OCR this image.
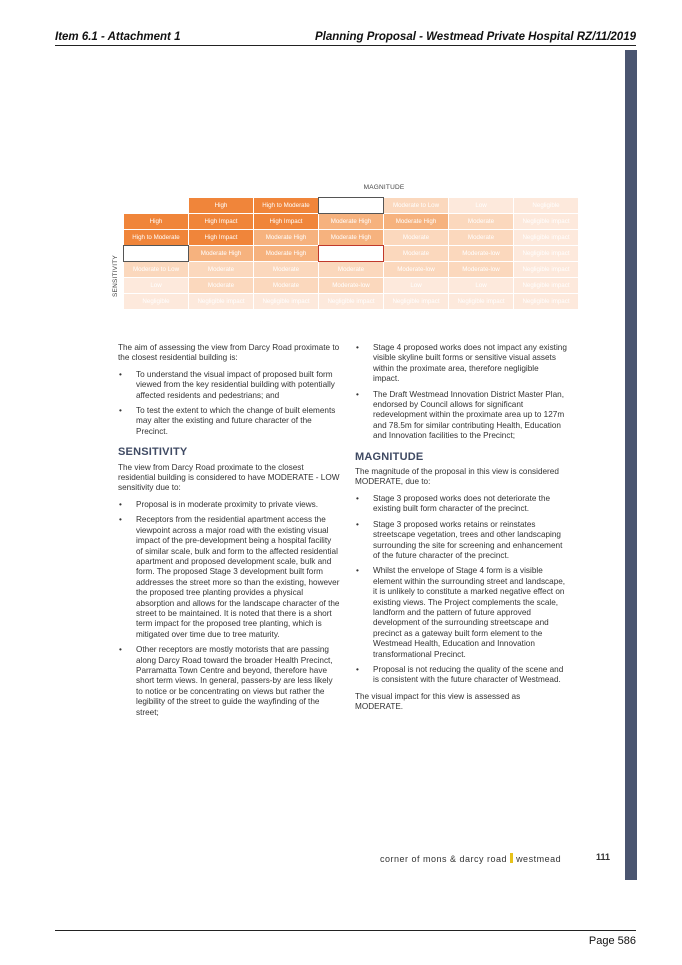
Item 6.1 - Attachment 1	Planning Proposal - Westmead Private Hospital RZ/11/2019
MAGNITUDE
SENSITIVITY
	High	High to Moderate	Moderate	Moderate to Low	Low	Negligible
High	High Impact	High Impact	Moderate High	Moderate High	Moderate	Negligible impact
High to Moderate	High Impact	Moderate High	Moderate High	Moderate	Moderate	Negligible impact
Moderate	Moderate High	Moderate High	Moderate	Moderate	Moderate-low	Negligible impact
Moderate to Low	Moderate	Moderate	Moderate	Moderate-low	Moderate-low	Negligible impact
Low	Moderate	Moderate	Moderate-low	Low	Low	Negligible impact
Negligible	Negligible impact	Negligible impact	Negligible impact	Negligible impact	Negligible impact	Negligible impact

The aim of assessing the view from Darcy Road proximate to the closest residential building is:

• To understand the visual impact of proposed built form viewed from the key residential building with potentially affected residents and pedestrians; and
• To test the extent to which the change of built elements may alter the existing and future character of the Precinct.
SENSITIVITY

The view from Darcy Road proximate to the closest residential building is considered to have MODERATE - LOW sensitivity due to:

• Proposal is in moderate proximity to private views.
• Receptors from the residential apartment access the viewpoint across a major road with the existing visual impact of the pre-development being a hospital facility of similar scale, bulk and form to the affected residential apartment and proposed development scale, bulk and form. The proposed Stage 3 development built form addresses the street more so than the existing, however the proposed tree planting provides a physical absorption and allows for the landscape character of the street to be maintained. It is noted that there is a short term impact for the proposed tree planting, which is mitigated over time due to tree maturity.
• Other receptors are mostly motorists that are passing along Darcy Road toward the broader Health Precinct, Parramatta Town Centre and beyond, therefore have short term views. In general, passers-by are less likely to notice or be concentrating on views but rather the legibility of the street to guide the wayfinding of the street;
• Stage 4 proposed works does not impact any existing visible skyline built forms or sensitive visual assets within the proximate area, therefore negligible impact.
• The Draft Westmead Innovation District Master Plan, endorsed by Council allows for significant redevelopment within the proximate area up to 127m and 78.5m for similar contributing Health, Education and Innovation facilities to the Precinct;
MAGNITUDE

The magnitude of the proposal in this view is considered MODERATE, due to:

• Stage 3 proposed works does not deteriorate the existing built form character of the precinct.
• Stage 3 proposed works retains or reinstates streetscape vegetation, trees and other landscaping surrounding the site for screening and enhancement of the future character of the precinct.
• Whilst the envelope of Stage 4 form is a visible element within the surrounding street and landscape, it is unlikely to constitute a marked negative effect on existing views. The Project complements the scale, landform and the pattern of future approved development of the surrounding streetscape and precinct as a gateway built form element to the Westmead Health, Education and Innovation transformational Precinct.
• Proposal is not reducing the quality of the scene and is consistent with the future character of Westmead.

The visual impact for this view is assessed as MODERATE.

corner of mons & darcy road westmead	111
Page 586
